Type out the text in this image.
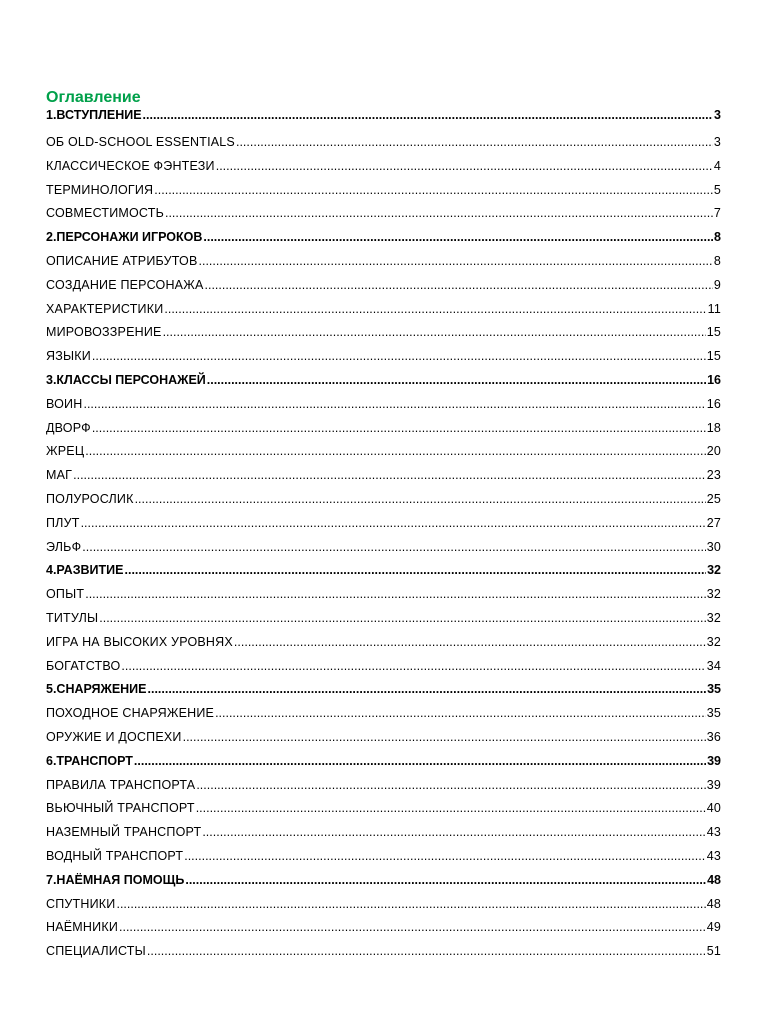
Оглавление
1.ВСТУПЛЕНИЕ .....	3
ОБ OLD-SCHOOL ESSENTIALS .....	3
КЛАССИЧЕСКОЕ ФЭНТЕЗИ .....	4
ТЕРМИНОЛОГИЯ .....	5
СОВМЕСТИМОСТЬ .....	7
2.ПЕРСОНАЖИ ИГРОКОВ .....	8
ОПИСАНИЕ АТРИБУТОВ .....	8
СОЗДАНИЕ ПЕРСОНАЖА .....	9
ХАРАКТЕРИСТИКИ .....	11
МИРОВОЗЗРЕНИЕ .....	15
ЯЗЫКИ .....	15
3.КЛАССЫ ПЕРСОНАЖЕЙ .....	16
ВОИН .....	16
ДВОРФ .....	18
ЖРЕЦ .....	20
МАГ .....	23
ПОЛУРОСЛИК .....	25
ПЛУТ .....	27
ЭЛЬФ .....	30
4.РАЗВИТИЕ .....	32
ОПЫТ .....	32
ТИТУЛЫ .....	32
ИГРА НА ВЫСОКИХ УРОВНЯХ .....	32
БОГАТСТВО .....	34
5.СНАРЯЖЕНИЕ .....	35
ПОХОДНОЕ СНАРЯЖЕНИЕ .....	35
ОРУЖИЕ И ДОСПЕХИ .....	36
6.ТРАНСПОРТ .....	39
ПРАВИЛА ТРАНСПОРТА .....	39
ВЬЮЧНЫЙ ТРАНСПОРТ .....	40
НАЗЕМНЫЙ ТРАНСПОРТ .....	43
ВОДНЫЙ ТРАНСПОРТ .....	43
7.НАЁМНАЯ ПОМОЩЬ .....	48
СПУТНИКИ .....	48
НАЁМНИКИ .....	49
СПЕЦИАЛИСТЫ .....	51
